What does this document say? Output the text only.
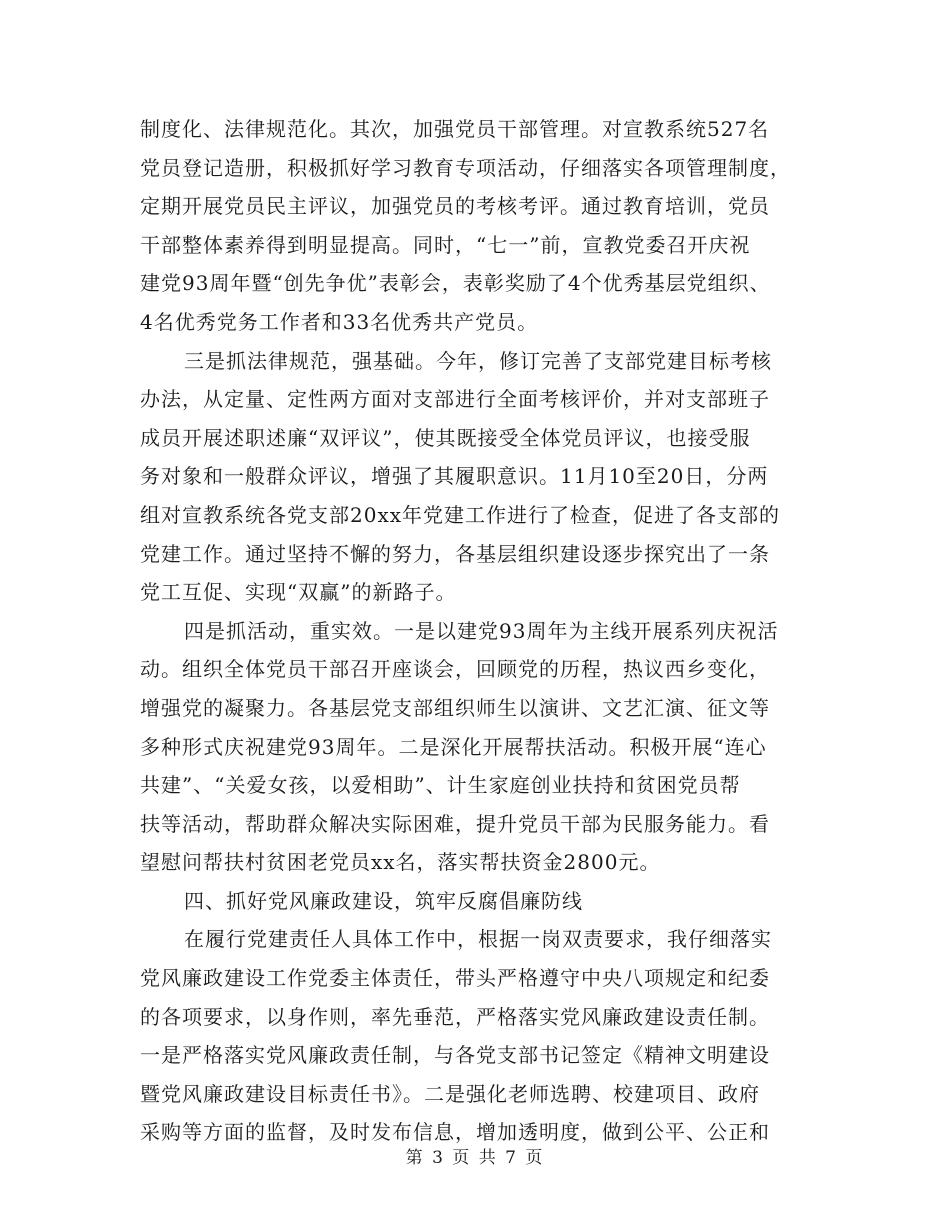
制度化、法律规范化。其次，加强党员干部管理。对宣教系统527名
党员登记造册，积极抓好学习教育专项活动，仔细落实各项管理制度，
定期开展党员民主评议，加强党员的考核考评。通过教育培训，党员
干部整体素养得到明显提高。同时，“七一”前，宣教党委召开庆祝
建党93周年暨“创先争优”表彰会，表彰奖励了4个优秀基层党组织、
4名优秀党务工作者和33名优秀共产党员。
三是抓法律规范，强基础。今年，修订完善了支部党建目标考核
办法，从定量、定性两方面对支部进行全面考核评价，并对支部班子
成员开展述职述廉“双评议”，使其既接受全体党员评议，也接受服
务对象和一般群众评议，增强了其履职意识。11月10至20日，分两
组对宣教系统各党支部20xx年党建工作进行了检查，促进了各支部的
党建工作。通过坚持不懈的努力，各基层组织建设逐步探究出了一条
党工互促、实现“双赢”的新路子。
四是抓活动，重实效。一是以建党93周年为主线开展系列庆祝活
动。组织全体党员干部召开座谈会，回顾党的历程，热议西乡变化，
增强党的凝聚力。各基层党支部组织师生以演讲、文艺汇演、征文等
多种形式庆祝建党93周年。二是深化开展帮扶活动。积极开展“连心
共建”、“关爱女孩，以爱相助”、计生家庭创业扶持和贫困党员帮
扶等活动，帮助群众解决实际困难，提升党员干部为民服务能力。看
望慰问帮扶村贫困老党员xx名，落实帮扶资金2800元。
四、抓好党风廉政建设，筑牢反腐倡廉防线
在履行党建责任人具体工作中，根据一岗双责要求，我仔细落实
党风廉政建设工作党委主体责任，带头严格遵守中央八项规定和纪委
的各项要求，以身作则，率先垂范，严格落实党风廉政建设责任制。
一是严格落实党风廉政责任制，与各党支部书记签定《精神文明建设
暨党风廉政建设目标责任书》。二是强化老师选聘、校建项目、政府
采购等方面的监督，及时发布信息，增加透明度，做到公平、公正和
第 3 页 共 7 页
